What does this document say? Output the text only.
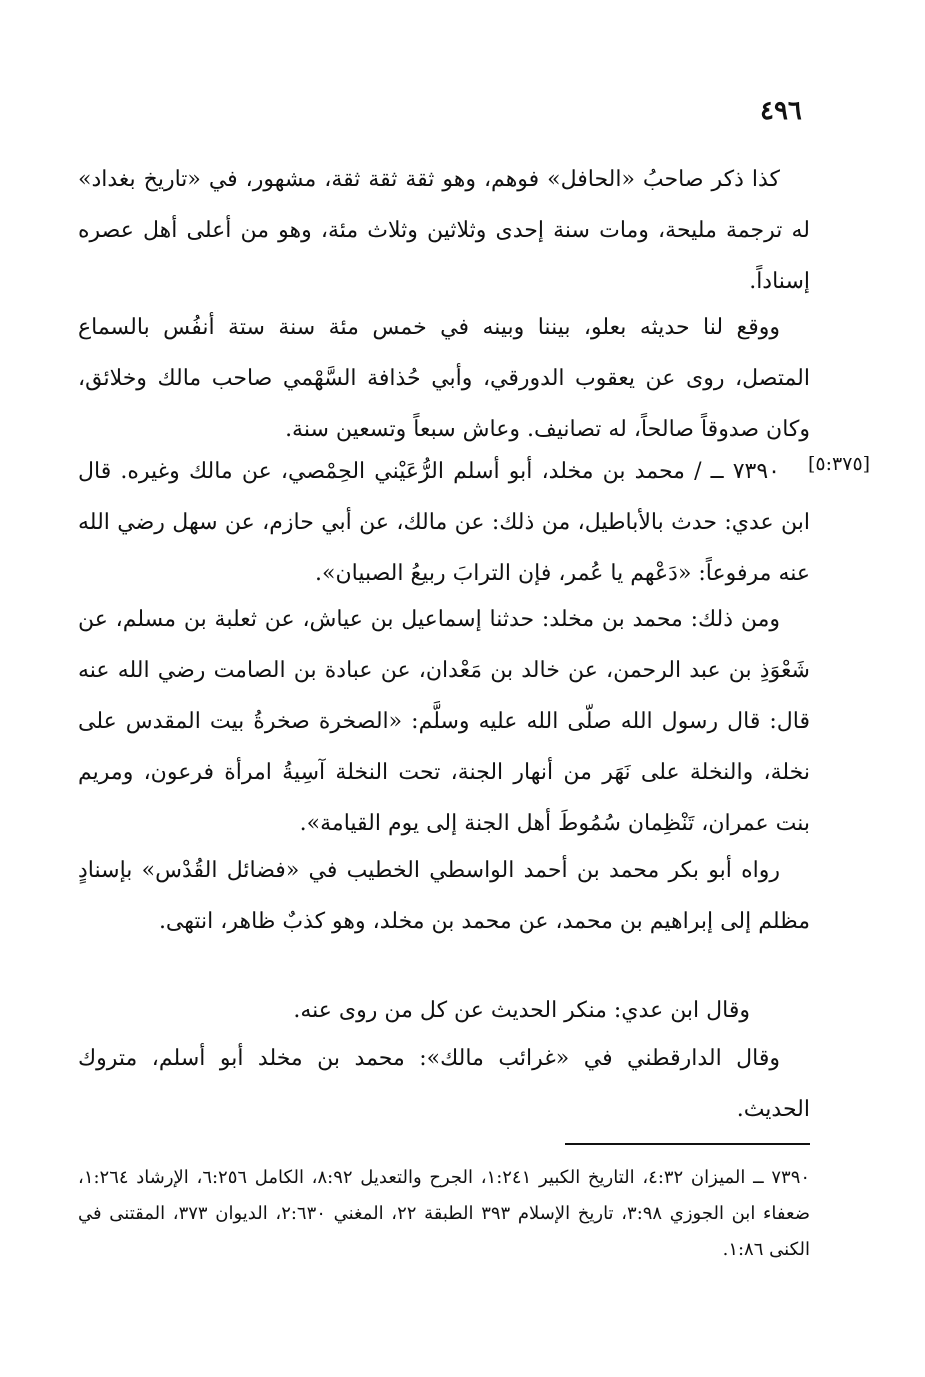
٤٩٦

كذا ذكر صاحبُ «الحافل» فوهم، وهو ثقة ثقة ثقة، مشهور، في «تاريخ بغداد» له ترجمة مليحة، ومات سنة إحدى وثلاثين وثلاث مئة، وهو من أعلى أهل عصره إسناداً.

ووقع لنا حديثه بعلو، بيننا وبينه في خمس مئة سنة ستة أنفُس بالسماع المتصل، روى عن يعقوب الدورقي، وأبي حُذافة السَّهْمي صاحب مالك وخلائق، وكان صدوقاً صالحاً، له تصانيف. وعاش سبعاً وتسعين سنة.

[٥:٣٧٥]

٧٣٩٠ ــ / محمد بن مخلد، أبو أسلم الرُّعَيْني الحِمْصي، عن مالك وغيره. قال ابن عدي: حدث بالأباطيل، من ذلك: عن مالك، عن أبي حازم، عن سهل رضي الله عنه مرفوعاً: «دَعْهم يا عُمر، فإن الترابَ ربيعُ الصبيان».

ومن ذلك: محمد بن مخلد: حدثنا إسماعيل بن عياش، عن ثعلبة بن مسلم، عن شَعْوَذِ بن عبد الرحمن، عن خالد بن مَعْدان، عن عبادة بن الصامت رضي الله عنه قال: قال رسول الله صلّى الله عليه وسلَّم: «الصخرة صخرةُ بيت المقدس على نخلة، والنخلة على نَهَر من أنهار الجنة، تحت النخلة آسِيةُ امرأة فرعون، ومريم بنت عمران، تَنْظِمان سُمُوطَ أهل الجنة إلى يوم القيامة».

رواه أبو بكر محمد بن أحمد الواسطي الخطيب في «فضائل القُدْس» بإسنادٍ مظلم إلى إبراهيم بن محمد، عن محمد بن مخلد، وهو كذبٌ ظاهر، انتهى.

وقال ابن عدي: منكر الحديث عن كل من روى عنه.

وقال الدارقطني في «غرائب مالك»: محمد بن مخلد أبو أسلم، متروك الحديث.

٧٣٩٠ ــ الميزان ٤:٣٢، التاريخ الكبير ١:٢٤١، الجرح والتعديل ٨:٩٢، الكامل ٦:٢٥٦، الإرشاد ١:٢٦٤، ضعفاء ابن الجوزي ٣:٩٨، تاريخ الإسلام ٣٩٣ الطبقة ٢٢، المغني ٢:٦٣٠، الديوان ٣٧٣، المقتنى في الكنى ١:٨٦.
